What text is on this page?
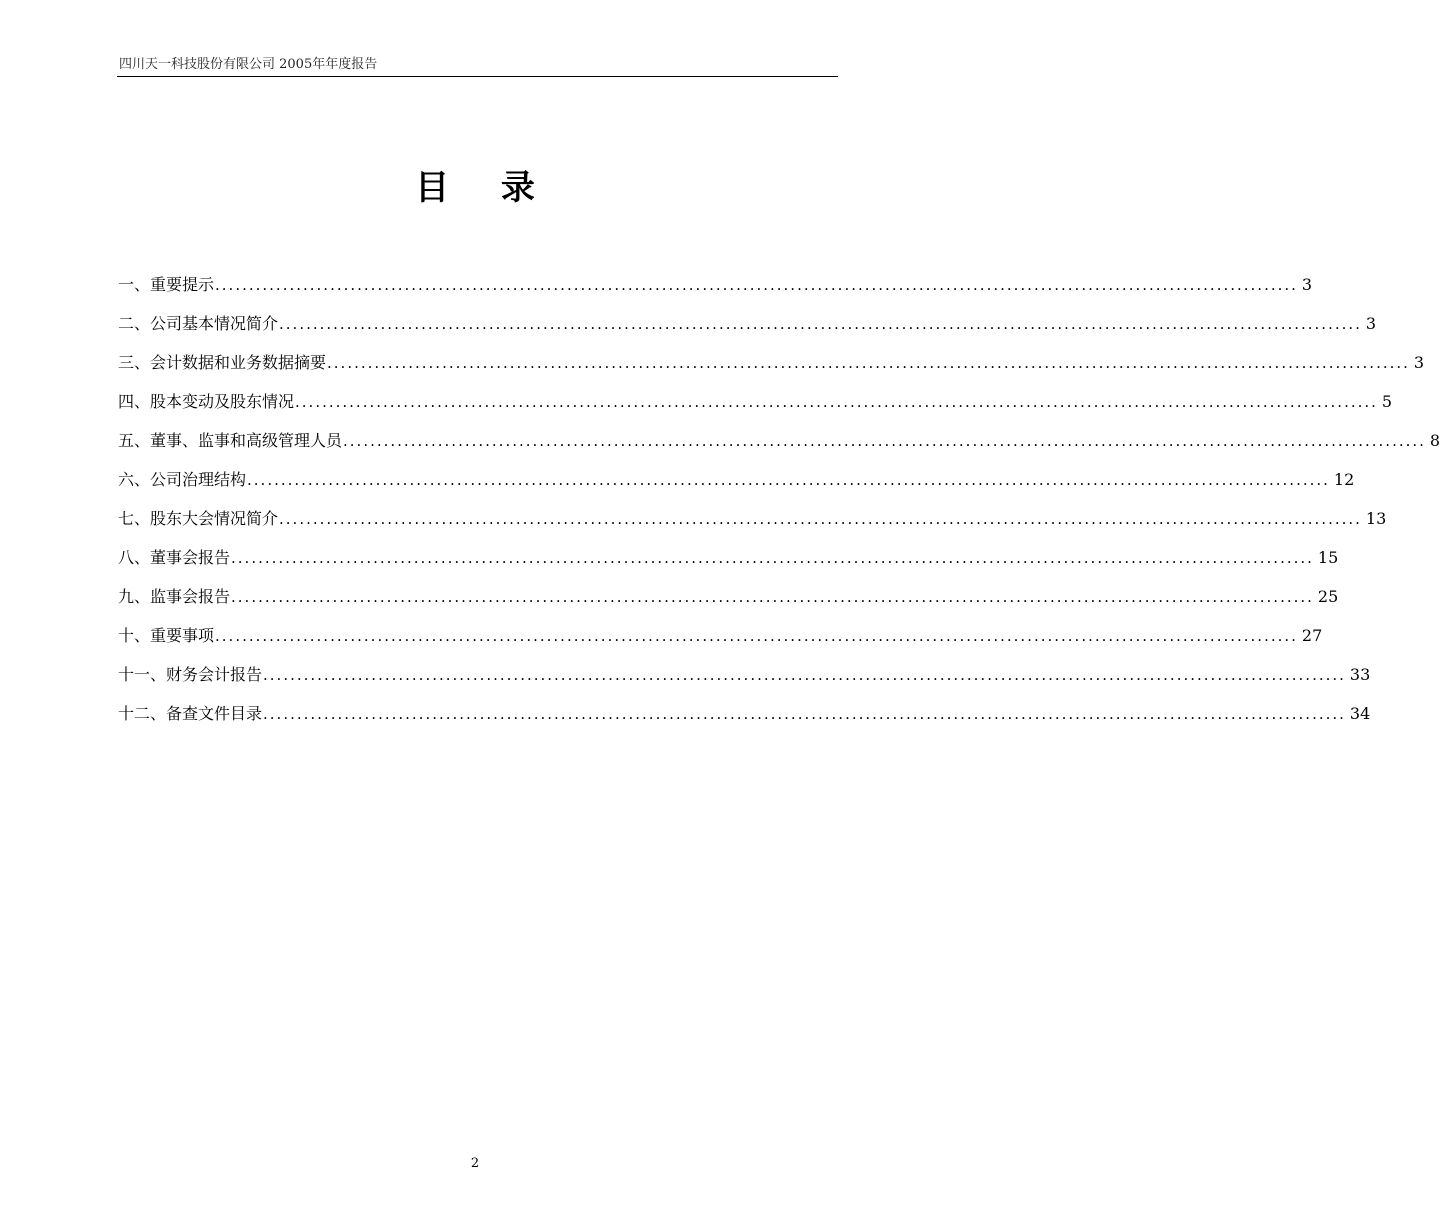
四川天一科技股份有限公司 2005年年度报告
目 录
一、重要提示 ................................................................................................................................................................ 3
二、公司基本情况简介 ................................................................................................................................................................ 3
三、会计数据和业务数据摘要 ................................................................................................................................................................ 3
四、股本变动及股东情况 ................................................................................................................................................................ 5
五、董事、监事和高级管理人员 ................................................................................................................................................................ 8
六、公司治理结构 ................................................................................................................................................................ 12
七、股东大会情况简介 ................................................................................................................................................................ 13
八、董事会报告 ................................................................................................................................................................ 15
九、监事会报告 ................................................................................................................................................................ 25
十、重要事项 ................................................................................................................................................................ 27
十一、财务会计报告 ................................................................................................................................................................ 33
十二、备查文件目录 ................................................................................................................................................................ 34
2
